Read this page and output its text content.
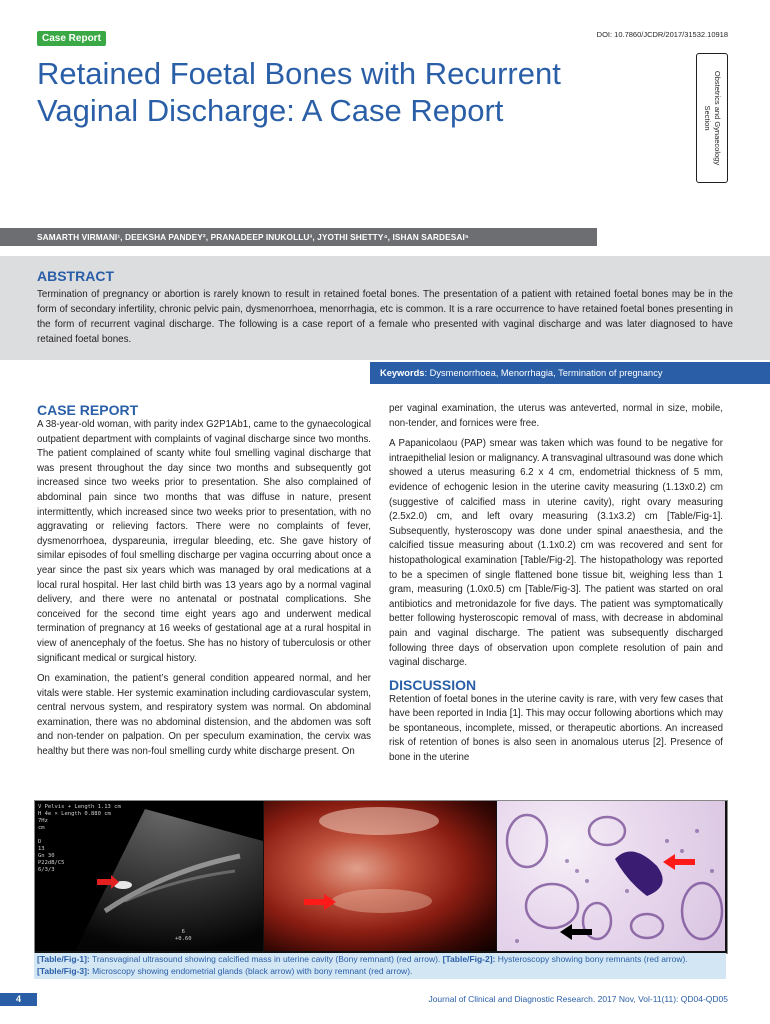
Case Report	DOI: 10.7860/JCDR/2017/31532.10918
Retained Foetal Bones with Recurrent
Vaginal Discharge: A Case Report	Obstetrics and Gynaecology
Section
SAMARTH VIRMANI¹, DEEKSHA PANDEY², PRANADEEP INUKOLLU³, JYOTHI SHETTY⁴, ISHAN SARDESAI⁵
ABSTRACT
Termination of pregnancy or abortion is rarely known to result in retained foetal bones. The presentation of a patient with retained foetal bones may be in the form of secondary infertility, chronic pelvic pain, dysmenorrhoea, menorrhagia, etc is common. It is a rare occurrence to have retained foetal bones presenting in the form of recurrent vaginal discharge. The following is a case report of a female who presented with vaginal discharge and was later diagnosed to have retained foetal bones.
Keywords: Dysmenorrhoea, Menorrhagia, Termination of pregnancy
CASE REPORT

A 38-year-old woman, with parity index G2P1Ab1, came to the gynaecological outpatient department with complaints of vaginal discharge since two months. The patient complained of scanty white foul smelling vaginal discharge that was present throughout the day since two months and subsequently got increased since two weeks prior to presentation. She also complained of abdominal pain since two months that was diffuse in nature, present intermittently, which increased since two weeks prior to presentation, with no aggravating or relieving factors. There were no complaints of fever, dysmenorrhoea, dyspareunia, irregular bleeding, etc. She gave history of similar episodes of foul smelling discharge per vagina occurring about once a year since the past six years which was managed by oral medications at a local rural hospital. Her last child birth was 13 years ago by a normal vaginal delivery, and there were no antenatal or postnatal complications. She conceived for the second time eight years ago and underwent medical termination of pregnancy at 16 weeks of gestational age at a rural hospital in view of anencephaly of the foetus. She has no history of tuberculosis or other significant medical or surgical history.

On examination, the patient’s general condition appeared normal, and her vitals were stable. Her systemic examination including cardiovascular system, central nervous system, and respiratory system was normal. On abdominal examination, there was no abdominal distension, and the abdomen was soft and non-tender on palpation. On per speculum examination, the cervix was healthy but there was non-foul smelling curdy white discharge present. On

per vaginal examination, the uterus was anteverted, normal in size, mobile, non-tender, and fornices were free.

A Papanicolaou (PAP) smear was taken which was found to be negative for intraepithelial lesion or malignancy. A transvaginal ultrasound was done which showed a uterus measuring 6.2 x 4 cm, endometrial thickness of 5 mm, evidence of echogenic lesion in the uterine cavity measuring (1.13x0.2) cm (suggestive of calcified mass in uterine cavity), right ovary measuring (2.5x2.0) cm, and left ovary measuring (3.1x3.2) cm [Table/Fig-1]. Subsequently, hysteroscopy was done under spinal anaesthesia, and the calcified tissue measuring about (1.1x0.2) cm was recovered and sent for histopathological examination [Table/Fig-2]. The histopathology was reported to be a specimen of single flattened bone tissue bit, weighing less than 1 gram, measuring (1.0x0.5) cm [Table/Fig-3]. The patient was started on oral antibiotics and metronidazole for five days. The patient was symptomatically better following hysteroscopic removal of mass, with decrease in abdominal pain and vaginal discharge. The patient was subsequently discharged following three days of observation upon complete resolution of pain and vaginal discharge.

DISCUSSION

Retention of foetal bones in the uterine cavity is rare, with very few cases that have been reported in India [1]. This may occur following abortions which may be spontaneous, incomplete, missed, or therapeutic abortions. An increased risk of retention of bones is also seen in anomalous uterus [2]. Presence of bone in the uterine

V Pelvis + Length 1.13 cm
H 4e × Length 0.880 cm
7Hz
cm

D
13
Gn 30
P22dB/C5
6/3/3
6
+0.60
[Table/Fig-1]: Transvaginal ultrasound showing calcified mass in uterine cavity (Bony remnant) (red arrow). [Table/Fig-2]: Hysteroscopy showing bony remnants (red arrow).
[Table/Fig-3]: Microscopy showing endometrial glands (black arrow) with bony remnant (red arrow).
4	Journal of Clinical and Diagnostic Research. 2017 Nov, Vol-11(11): QD04-QD05
